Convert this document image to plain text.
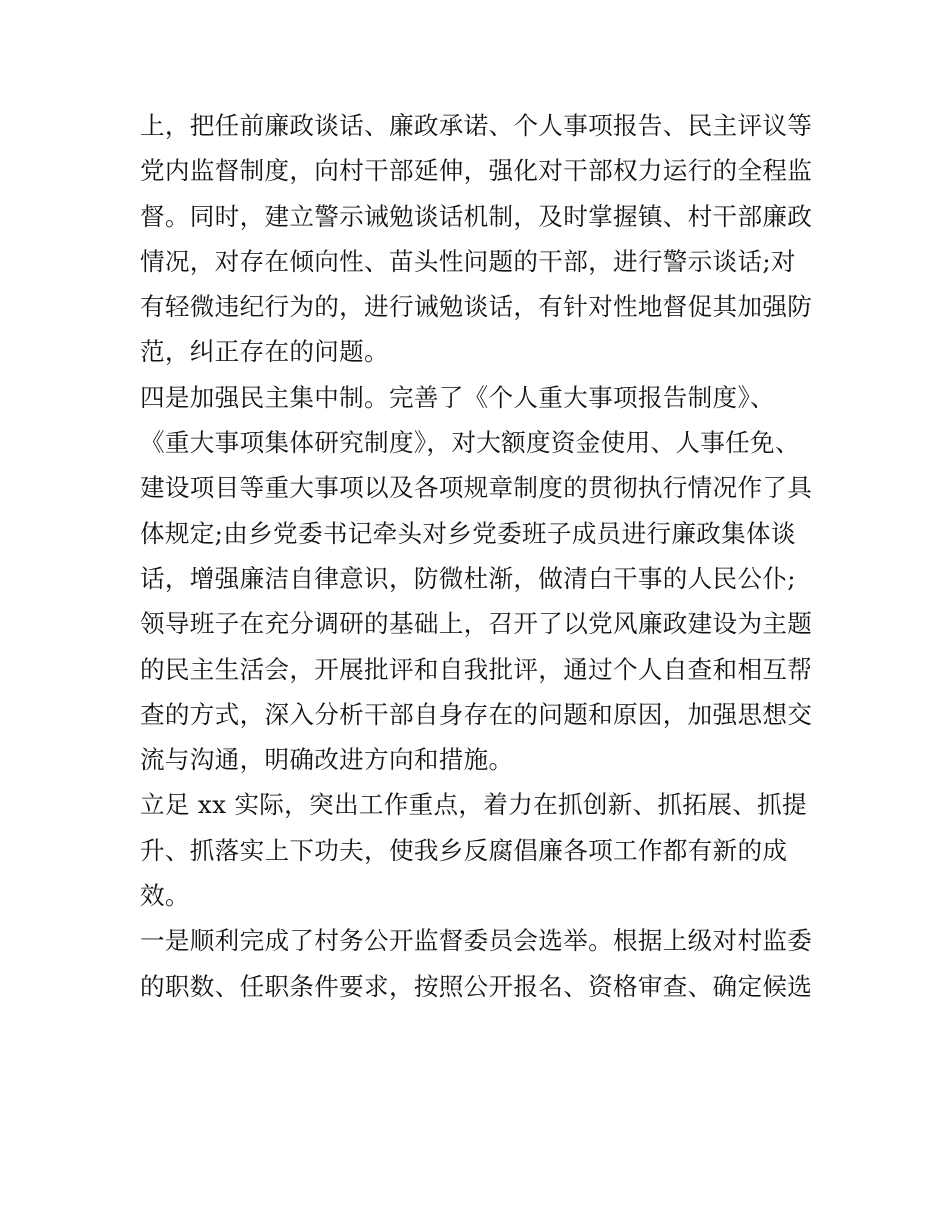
上，把任前廉政谈话、廉政承诺、个人事项报告、民主评议等
党内监督制度，向村干部延伸，强化对干部权力运行的全程监
督。同时，建立警示诫勉谈话机制，及时掌握镇、村干部廉政
情况，对存在倾向性、苗头性问题的干部，进行警示谈话;对
有轻微违纪行为的，进行诫勉谈话，有针对性地督促其加强防
范，纠正存在的问题。
四是加强民主集中制。完善了《个人重大事项报告制度》、
《重大事项集体研究制度》，对大额度资金使用、人事任免、
建设项目等重大事项以及各项规章制度的贯彻执行情况作了具
体规定;由乡党委书记牵头对乡党委班子成员进行廉政集体谈
话，增强廉洁自律意识，防微杜渐，做清白干事的人民公仆;
领导班子在充分调研的基础上，召开了以党风廉政建设为主题
的民主生活会，开展批评和自我批评，通过个人自查和相互帮
查的方式，深入分析干部自身存在的问题和原因，加强思想交
流与沟通，明确改进方向和措施。
立足 xx 实际，突出工作重点，着力在抓创新、抓拓展、抓提
升、抓落实上下功夫，使我乡反腐倡廉各项工作都有新的成
效。
一是顺利完成了村务公开监督委员会选举。根据上级对村监委
的职数、任职条件要求，按照公开报名、资格审查、确定候选
